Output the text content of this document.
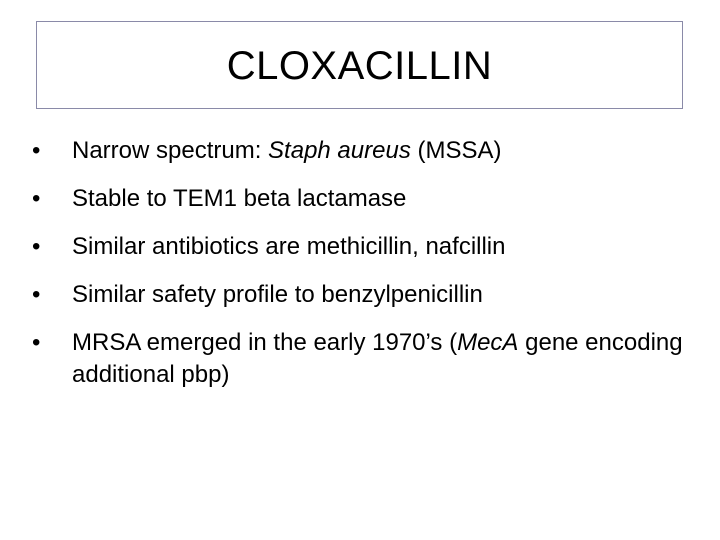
CLOXACILLIN
•	Narrow spectrum: Staph aureus (MSSA)
•	Stable to TEM1 beta lactamase
•	Similar antibiotics are methicillin, nafcillin
•	Similar safety profile to benzylpenicillin
•	MRSA emerged in the early 1970’s (MecA gene encoding additional pbp)
